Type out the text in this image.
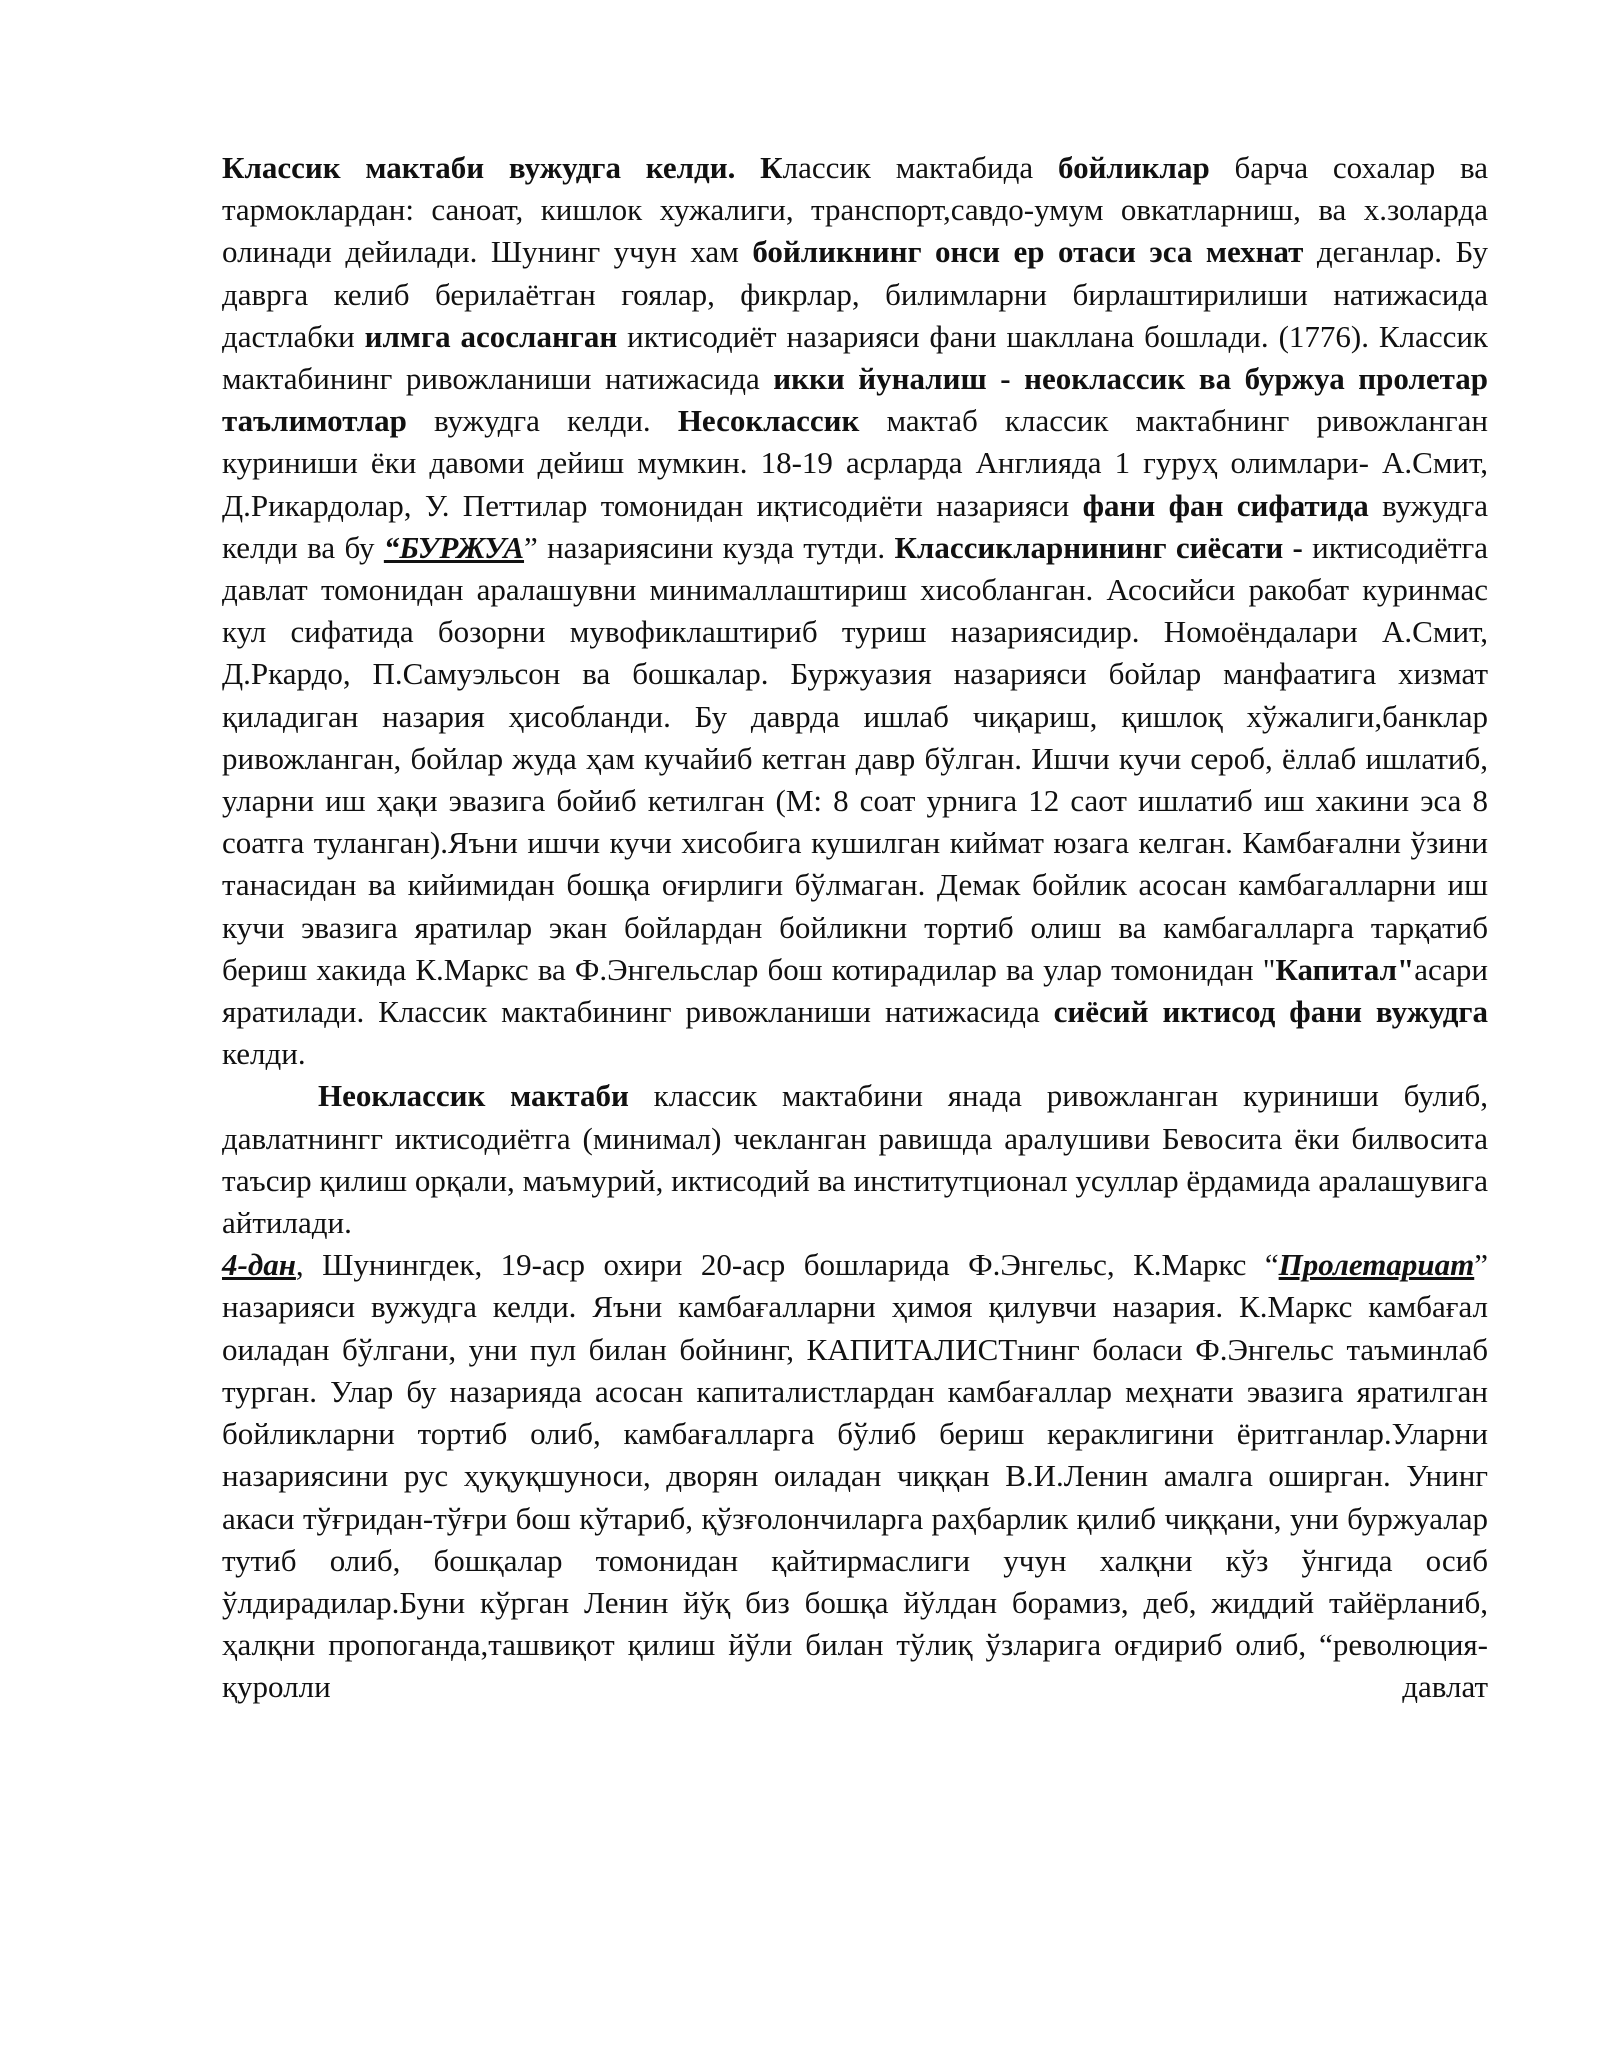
Классик мактаби вужудга келди. Классик мактабида бойликлар барча сохалар ва тармоклардан: саноат, кишлок хужалиги, транспорт,савдо-умум овкатларниш, ва х.золарда олинади дейилади. Шунинг учун хам бойликнинг онси ер отаси эса мехнат деганлар. Бу даврга келиб берилаётган гоялар, фикрлар, билимларни бирлаштирилиши натижасида дастлабки илмга асосланган иктисодиёт назарияси фани шакллана бошлади. (1776). Классик мактабининг ривожланиши натижасида икки йуналиш - неоклассик ва буржуа пролетар таълимотлар вужудга келди. Несоклассик мактаб классик мактабнинг ривожланган куриниши ёки давоми дейиш мумкин. 18-19 асрларда Англияда 1 гуруҳ олимлари- А.Смит, Д.Рикардолар, У. Петтилар томонидан иқтисодиёти назарияси фани фан сифатида вужудга келди ва бу “БУРЖУА” назариясини кузда тутди. Классикларнининг сиёсати - иктисодиётга давлат томонидан аралашувни минималлаштириш хисобланган. Асосийси ракобат куринмас кул сифатида бозорни мувофиклаштириб туриш назариясидир. Номоёндалари А.Смит, Д.Ркардо, П.Самуэльсон ва бошкалар. Буржуазия назарияси бойлар манфаатига хизмат қиладиган назария ҳисобланди. Бу даврда ишлаб чиқариш, қишлоқ хўжалиги,банклар ривожланган, бойлар жуда ҳам кучайиб кетган давр бўлган. Ишчи кучи сероб, ёллаб ишлатиб, уларни иш ҳақи эвазига бойиб кетилган (М: 8 соат урнига 12 саот ишлатиб иш хакини эса 8 соатга туланган).Яъни ишчи кучи хисобига кушилган киймат юзага келган. Камбағални ўзини танасидан ва кийимидан бошқа оғирлиги бўлмаган. Демак бойлик асосан камбагалларни иш кучи эвазига яратилар экан бойлардан бойликни тортиб олиш ва камбагалларга тарқатиб бериш хакида К.Маркс ва Ф.Энгельслар бош котирадилар ва улар томонидан "Капитал"асари яратилади. Классик мактабининг ривожланиши натижасида сиёсий иктисод фани вужудга келди.

Неоклассик мактаби классик мактабини янада ривожланган куриниши булиб, давлатнингг иктисодиётга (минимал) чекланган равишда аралушиви Бевосита ёки билвосита таъсир қилиш орқали, маъмурий, иктисодий ва институтционал усуллар ёрдамида аралашувига айтилади.

4-дан, Шунингдек, 19-аср охири 20-аср бошларида Ф.Энгельс, К.Маркс “Пролетариат” назарияси вужудга келди. Яъни камбағалларни ҳимоя қилувчи назария. К.Маркс камбағал оиладан бўлгани, уни пул билан бойнинг, КАПИТАЛИСТнинг боласи Ф.Энгельс таъминлаб турган. Улар бу назарияда асосан капиталистлардан камбағаллар меҳнати эвазига яратилган бойликларни тортиб олиб, камбағалларга бўлиб бериш кераклигини ёритганлар.Уларни назариясини рус ҳуқуқшуноси, дворян оиладан чиққан В.И.Ленин амалга оширган. Унинг акаси тўғридан-тўғри бош кўтариб, қўзғолончиларга раҳбарлик қилиб чиққани, уни буржуалар тутиб олиб, бошқалар томонидан қайтирмаслиги учун халқни кўз ўнгида осиб ўлдирадилар.Буни кўрган Ленин йўқ биз бошқа йўлдан борамиз, деб, жиддий тайёрланиб, ҳалқни пропоганда,ташвиқот қилиш йўли билан тўлиқ ўзларига оғдириб олиб, “революция- қуролли давлат
